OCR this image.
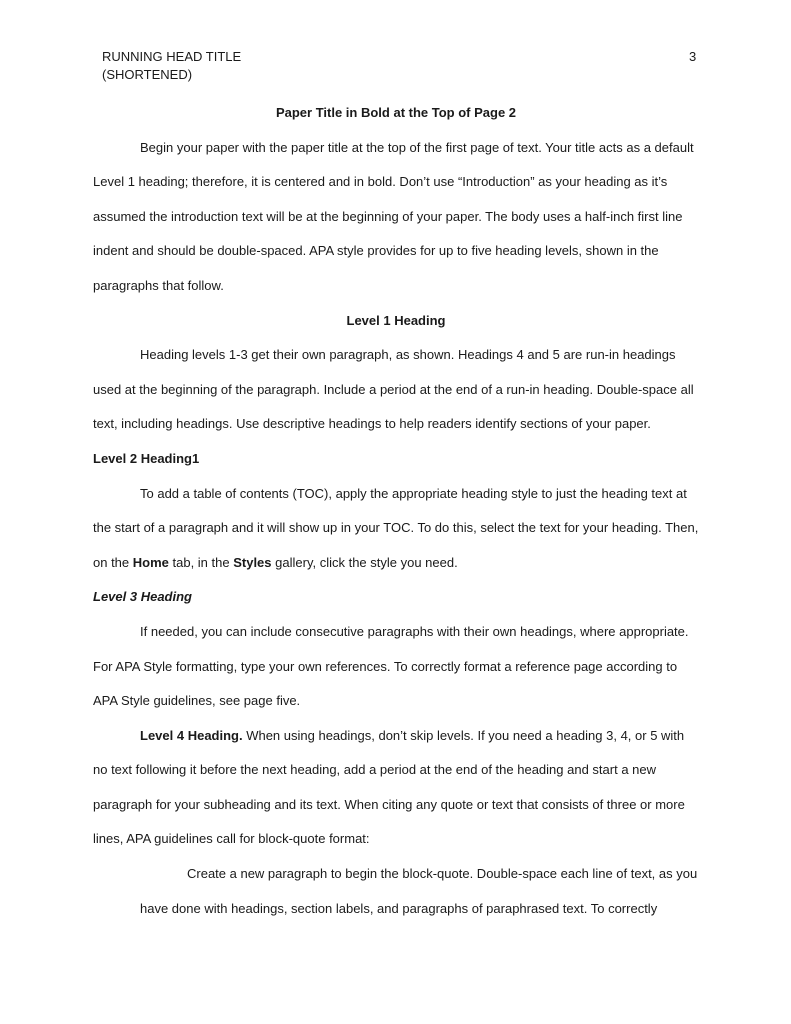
RUNNING HEAD TITLE
(SHORTENED)
3
Paper Title in Bold at the Top of Page 2
Begin your paper with the paper title at the top of the first page of text. Your title acts as a default Level 1 heading; therefore, it is centered and in bold. Don’t use “Introduction” as your heading as it’s assumed the introduction text will be at the beginning of your paper. The body uses a half-inch first line indent and should be double-spaced. APA style provides for up to five heading levels, shown in the paragraphs that follow.
Level 1 Heading
Heading levels 1-3 get their own paragraph, as shown. Headings 4 and 5 are run-in headings used at the beginning of the paragraph. Include a period at the end of a run-in heading. Double-space all text, including headings. Use descriptive headings to help readers identify sections of your paper.
Level 2 Heading1
To add a table of contents (TOC), apply the appropriate heading style to just the heading text at the start of a paragraph and it will show up in your TOC. To do this, select the text for your heading. Then, on the Home tab, in the Styles gallery, click the style you need.
Level 3 Heading
If needed, you can include consecutive paragraphs with their own headings, where appropriate. For APA Style formatting, type your own references. To correctly format a reference page according to APA Style guidelines, see page five.
Level 4 Heading. When using headings, don’t skip levels. If you need a heading 3, 4, or 5 with no text following it before the next heading, add a period at the end of the heading and start a new paragraph for your subheading and its text. When citing any quote or text that consists of three or more lines, APA guidelines call for block-quote format:
Create a new paragraph to begin the block-quote. Double-space each line of text, as you have done with headings, section labels, and paragraphs of paraphrased text. To correctly
